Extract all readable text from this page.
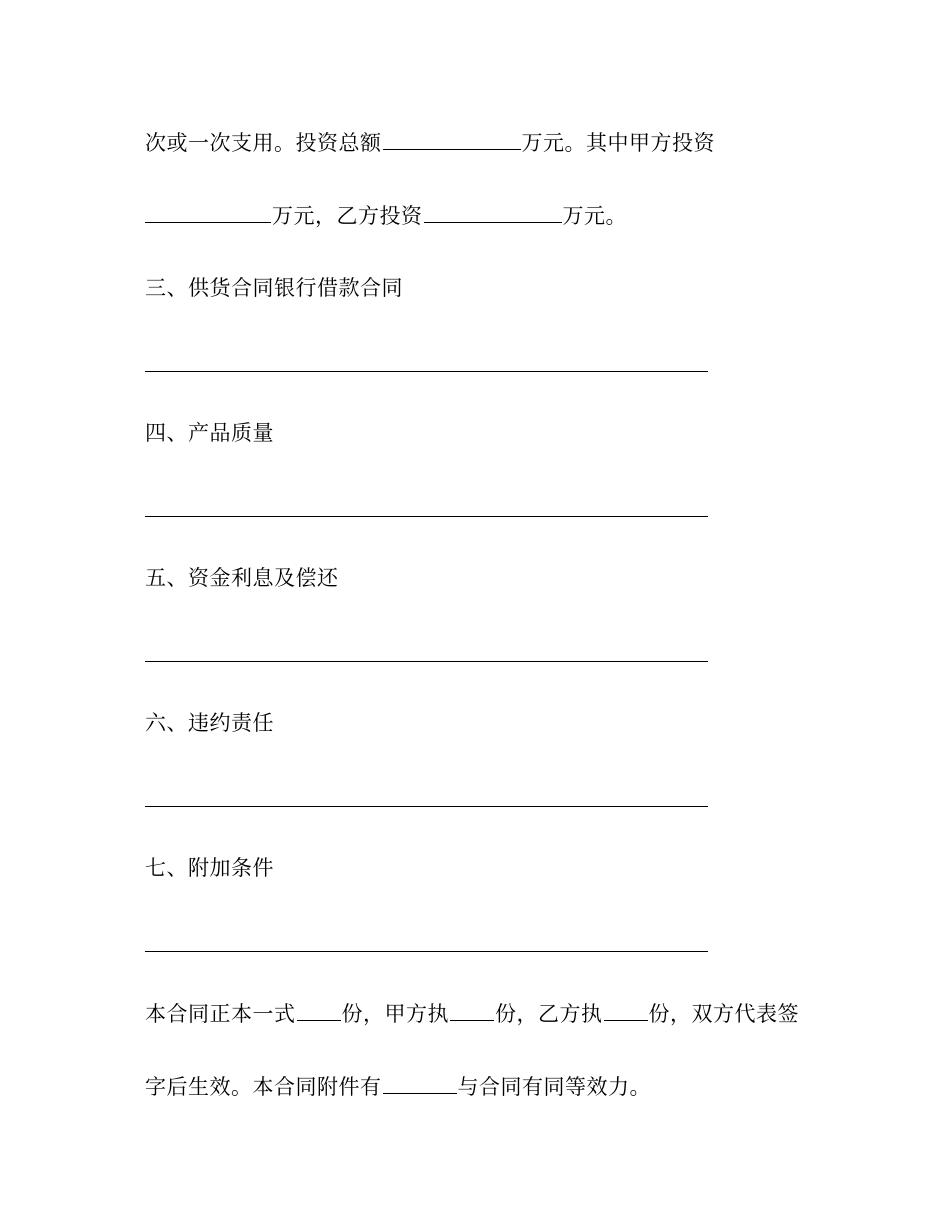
次或一次支用。投资总额	万元。其中甲方投资
万元，乙方投资	万元。
三、供货合同银行借款合同
四、产品质量
五、资金利息及偿还
六、违约责任
七、附加条件
本合同正本一式 份，甲方执 份，乙方执 份，双方代表签
字后生效。本合同附件有	与合同有同等效力。
